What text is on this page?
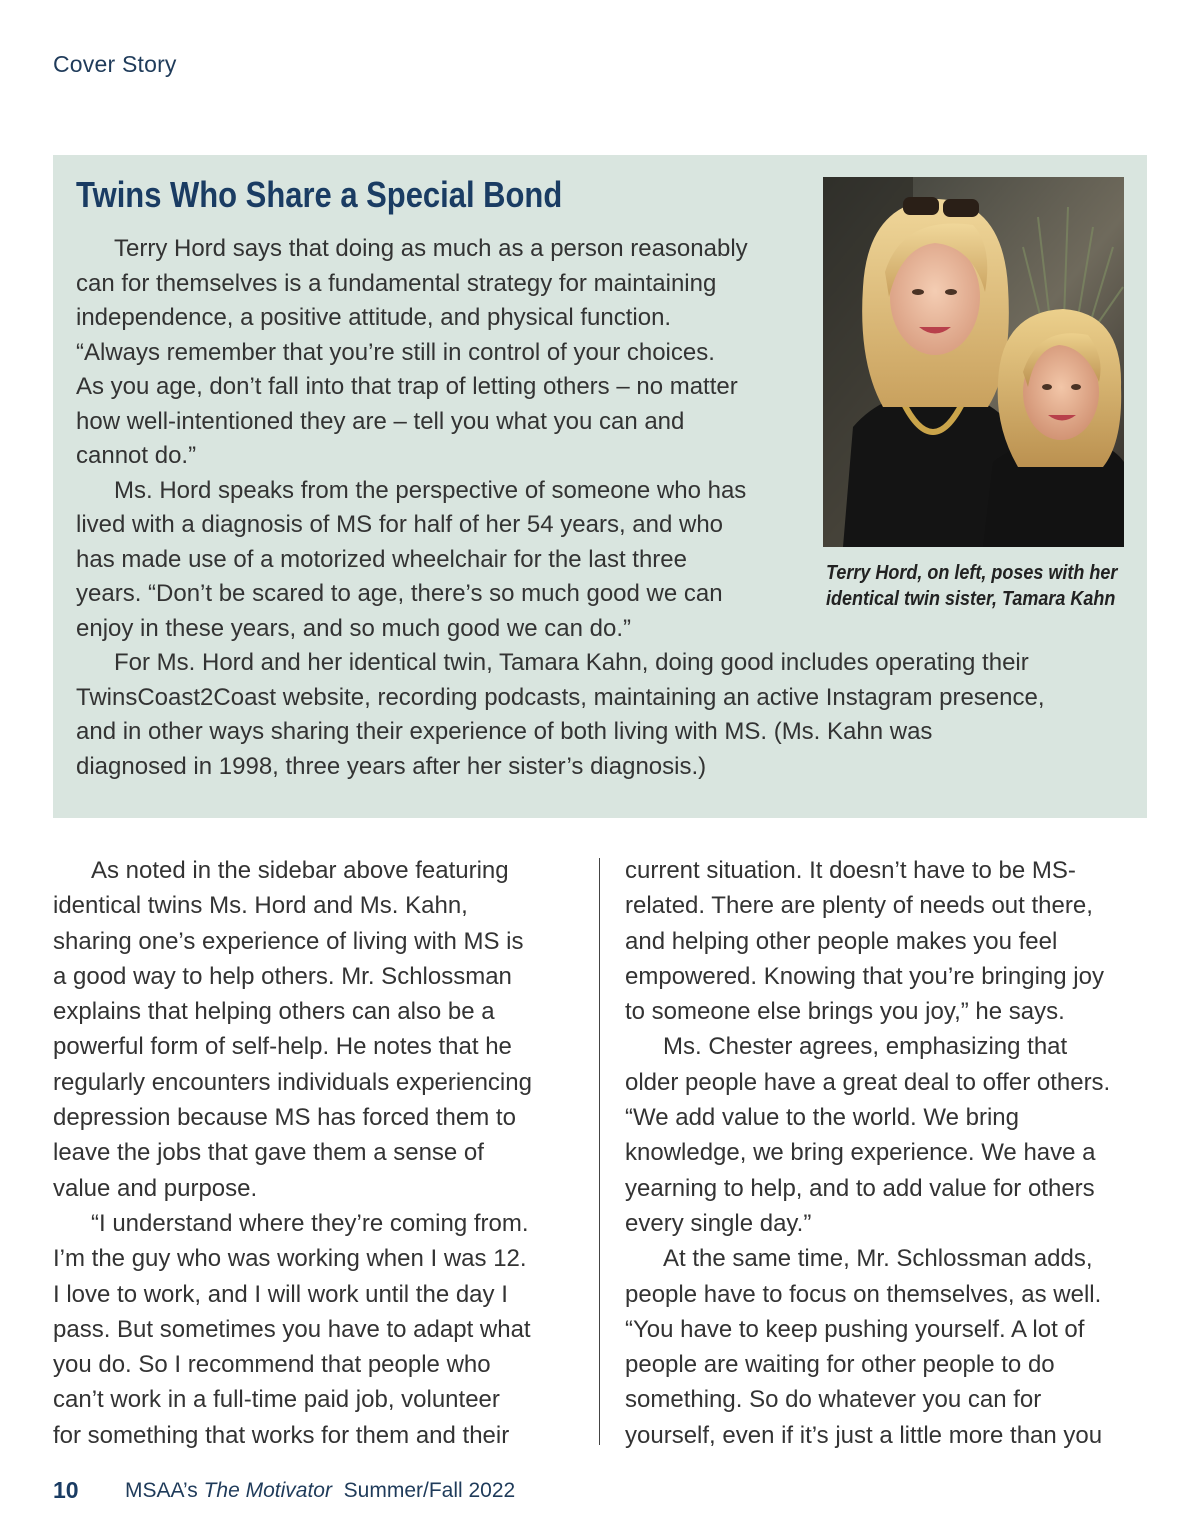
Cover Story
Twins Who Share a Special Bond
Terry Hord, on left, poses with her
identical twin sister, Tamara Kahn
Terry Hord says that doing as much as a person reasonably
can for themselves is a fundamental strategy for maintaining
independence, a positive attitude, and physical function.
“Always remember that you’re still in control of your choices.
As you age, don’t fall into that trap of letting others – no matter
how well-intentioned they are – tell you what you can and
cannot do.”
Ms. Hord speaks from the perspective of someone who has
lived with a diagnosis of MS for half of her 54 years, and who
has made use of a motorized wheelchair for the last three
years. “Don’t be scared to age, there’s so much good we can
enjoy in these years, and so much good we can do.”
For Ms. Hord and her identical twin, Tamara Kahn, doing good includes operating their
TwinsCoast2Coast website, recording podcasts, maintaining an active Instagram presence,
and in other ways sharing their experience of both living with MS. (Ms. Kahn was
diagnosed in 1998, three years after her sister’s diagnosis.)
As noted in the sidebar above featuring
identical twins Ms. Hord and Ms. Kahn,
sharing one’s experience of living with MS is
a good way to help others. Mr. Schlossman
explains that helping others can also be a
powerful form of self-help. He notes that he
regularly encounters individuals experiencing
depression because MS has forced them to
leave the jobs that gave them a sense of
value and purpose.
“I understand where they’re coming from.
I’m the guy who was working when I was 12.
I love to work, and I will work until the day I
pass. But sometimes you have to adapt what
you do. So I recommend that people who
can’t work in a full-time paid job, volunteer
for something that works for them and their
current situation. It doesn’t have to be MS-
related. There are plenty of needs out there,
and helping other people makes you feel
empowered. Knowing that you’re bringing joy
to someone else brings you joy,” he says.
Ms. Chester agrees, emphasizing that
older people have a great deal to offer others.
“We add value to the world. We bring
knowledge, we bring experience. We have a
yearning to help, and to add value for others
every single day.”
At the same time, Mr. Schlossman adds,
people have to focus on themselves, as well.
“You have to keep pushing yourself. A lot of
people are waiting for other people to do
something. So do whatever you can for
yourself, even if it’s just a little more than you
10 MSAA’s The Motivator Summer/Fall 2022
